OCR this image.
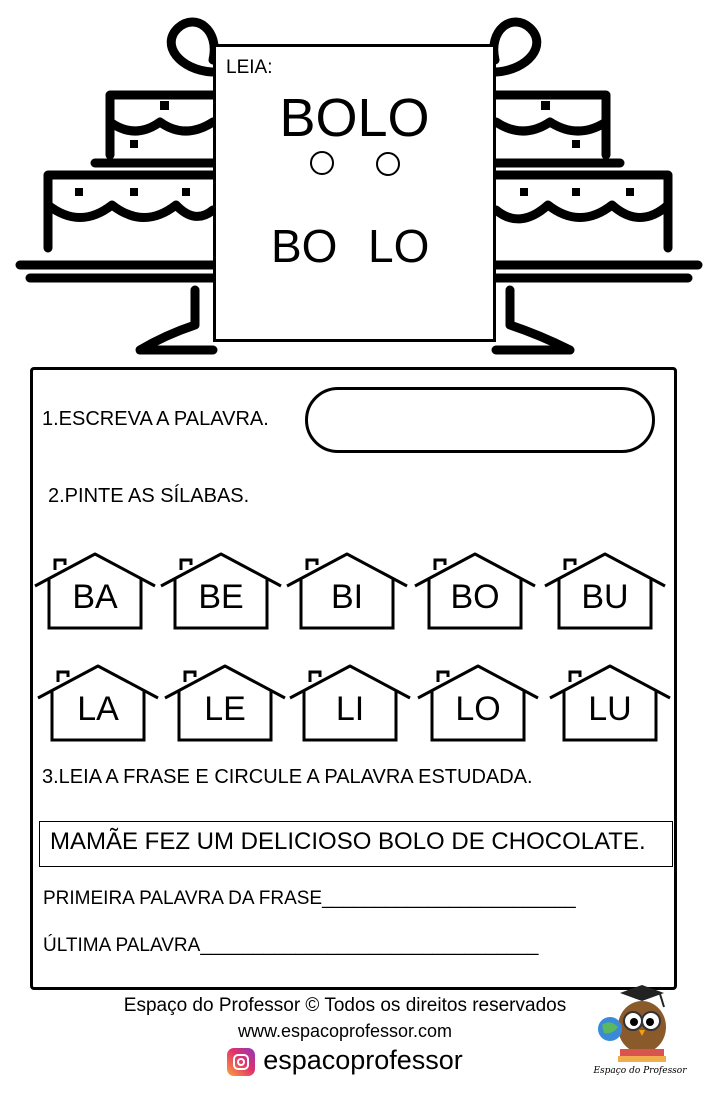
LEIA:
BOLO
BO LO
1.ESCREVA A PALAVRA.
2.PINTE AS SÍLABAS.
BA	BE	BI	BO	BU
LA	LE	LI	LO	LU
3.LEIA A FRASE E CIRCULE A PALAVRA ESTUDADA.
MAMÃE FEZ UM DELICIOSO BOLO DE CHOCOLATE.
PRIMEIRA PALAVRA DA FRASE________________________
ÚLTIMA PALAVRA________________________________
Espaço do Professor © Todos os direitos reservados
www.espacoprofessor.com
espacoprofessor	Espaço do Professor
